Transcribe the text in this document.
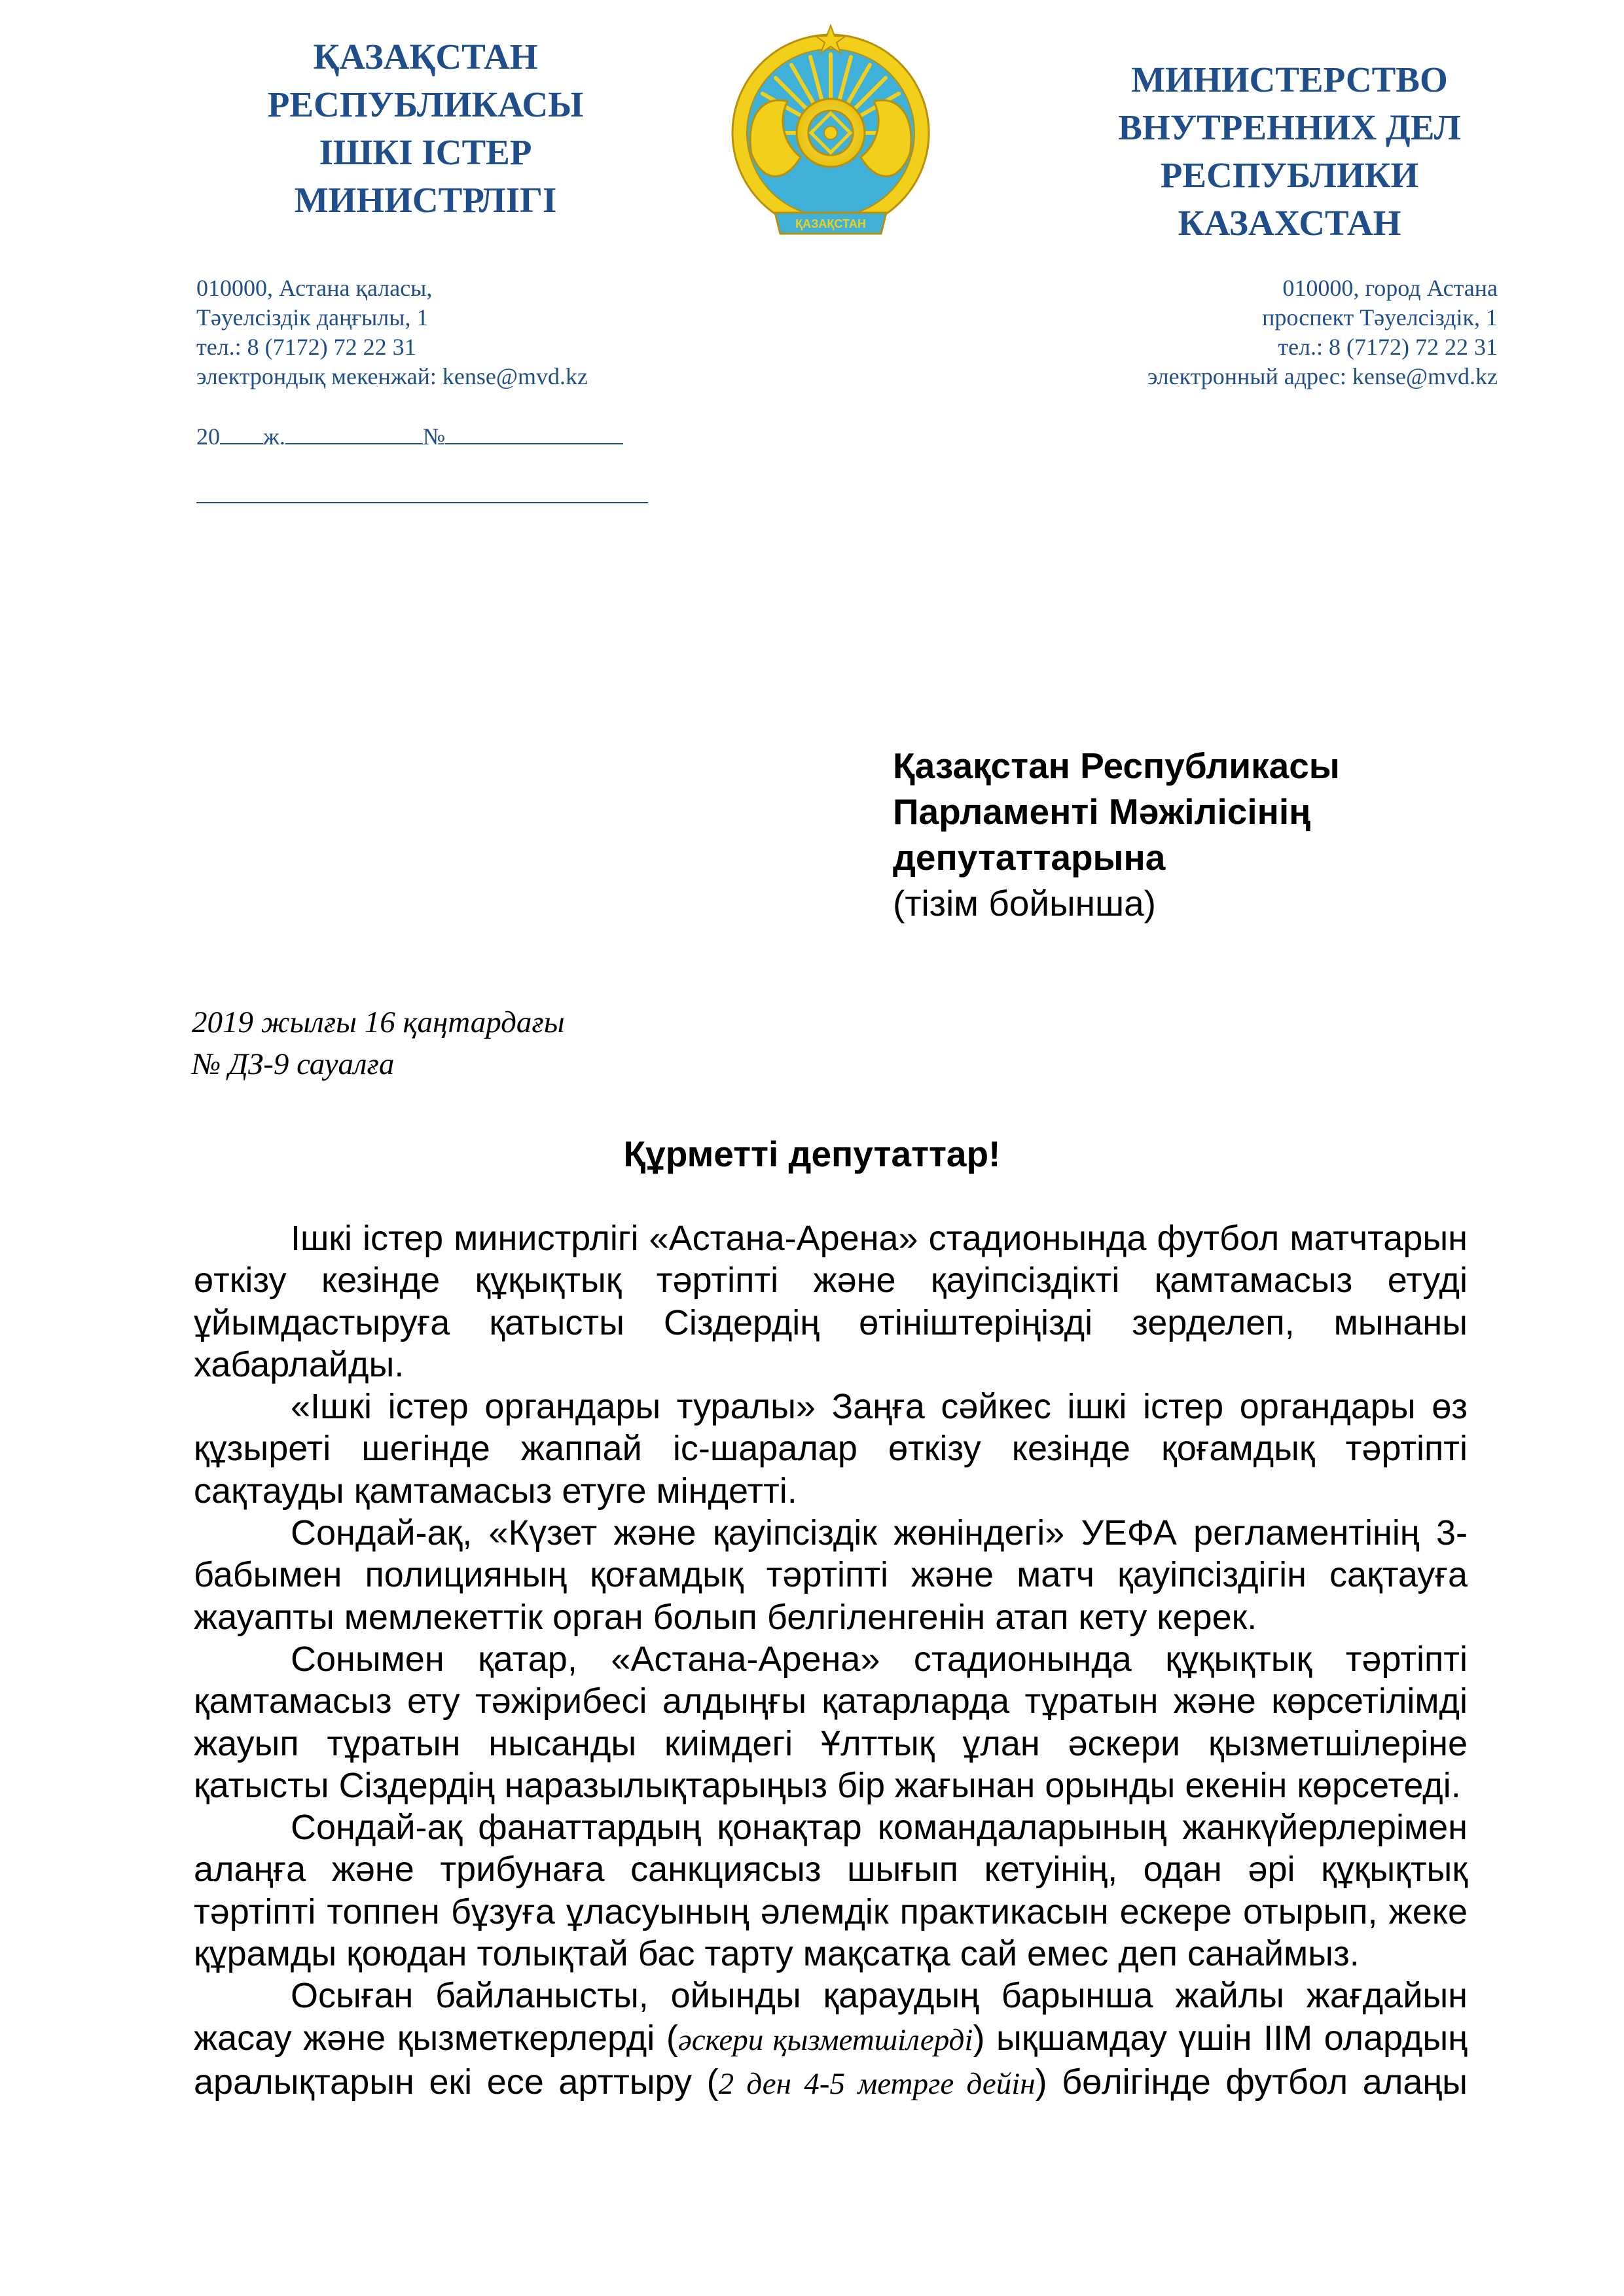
ҚАЗАҚСТАН
РЕСПУБЛИКАСЫ
ІШКІ ІСТЕР
МИНИСТРЛІГІ
ҚАЗАҚСТАН
МИНИСТЕРСТВО
ВНУТРЕННИХ ДЕЛ
РЕСПУБЛИКИ
КАЗАХСТАН
010000, Астана қаласы,
Тәуелсіздік даңғылы, 1
тел.: 8 (7172) 72 22 31
электрондық мекенжай: kense@mvd.kz
010000, город Астана
проспект Тәуелсіздік, 1
тел.: 8 (7172) 72 22 31
электронный адрес: kense@mvd.kz
20 ж.	№
Қазақстан Республикасы
Парламенті Мәжілісінің
депутаттарына
(тізім бойынша)
2019 жылғы 16 қаңтардағы
№ ДЗ-9 сауалға
Құрметті депутаттар!

Ішкі істер министрлігі «Астана-Арена» стадионында футбол матчтарын өткізу кезінде құқықтық тәртіпті және қауіпсіздікті қамтамасыз етуді ұйымдастыруға қатысты Сіздердің өтініштеріңізді зерделеп, мынаны хабарлайды.

«Ішкі істер органдары туралы» Заңға сәйкес ішкі істер органдары өз құзыреті шегінде жаппай іс-шаралар өткізу кезінде қоғамдық тәртіпті сақтауды қамтамасыз етуге міндетті.

Сондай-ақ, «Күзет және қауіпсіздік жөніндегі» УЕФА регламентінің 3-бабымен полицияның қоғамдық тәртіпті және матч қауіпсіздігін сақтауға жауапты мемлекеттік орган болып белгіленгенін атап кету керек.

Сонымен қатар, «Астана-Арена» стадионында құқықтық тәртіпті қамтамасыз ету тәжірибесі алдыңғы қатарларда тұратын және көрсетілімді жауып тұратын нысанды киімдегі Ұлттық ұлан әскери қызметшілеріне қатысты Сіздердің наразылықтарыңыз бір жағынан орынды екенін көрсетеді.

Сондай-ақ фанаттардың қонақтар командаларының жанкүйерлерімен алаңға және трибунаға санкциясыз шығып кетуінің, одан әрі құқықтық тәртіпті топпен бұзуға ұласуының әлемдік практикасын ескере отырып, жеке құрамды қоюдан толықтай бас тарту мақсатқа сай емес деп санаймыз.

Осыған байланысты, ойынды қараудың барынша жайлы жағдайын жасау және қызметкерлерді (әскери қызметшілерді) ықшамдау үшін ІІМ олардың аралықтарын екі есе арттыру (2 ден 4-5 метрге дейін) бөлігінде футбол алаңы
